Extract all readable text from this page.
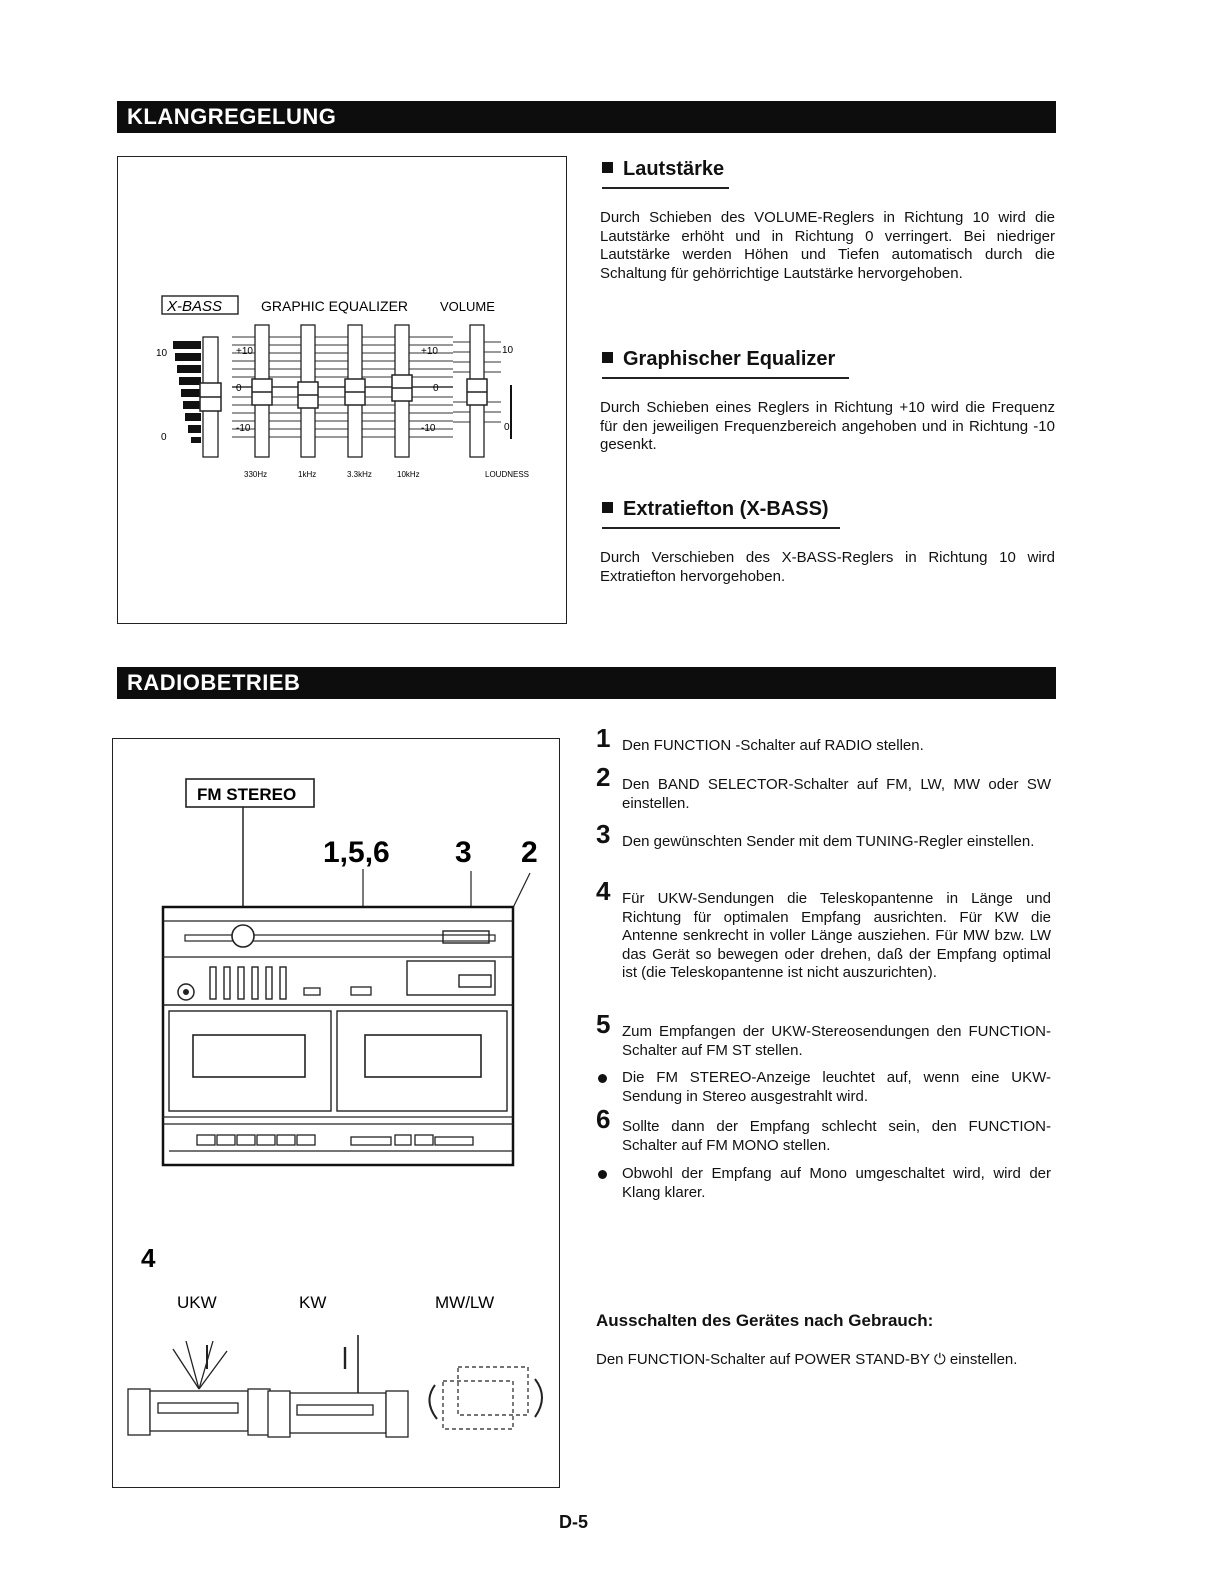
KLANGREGELUNG
X-BASS	GRAPHIC EQUALIZER VOLUME
10
0
+10
0
-10
+10
0
-10
10
0
330Hz	1kHz	3.3kHz	10kHz	LOUDNESS
Lautstärke
Durch Schieben des VOLUME-Reglers in Richtung 10 wird die Lautstärke erhöht und in Richtung 0 verringert. Bei niedriger Lautstärke werden Höhen und Tiefen automatisch durch die Schaltung für gehörrichtige Lautstärke hervorgehoben.
Graphischer Equalizer
Durch Schieben eines Reglers in Richtung +10 wird die Frequenz für den jeweiligen Frequenzbereich angehoben und in Richtung -10 gesenkt.
Extratiefton (X-BASS)
Durch Verschieben des X-BASS-Reglers in Richtung 10 wird Extratiefton hervorgehoben.
RADIOBETRIEB
FM STEREO
1,5,6 3 2
4
UKW	KW	MW/LW
1 Den FUNCTION -Schalter auf RADIO stellen.
2 Den BAND SELECTOR-Schalter auf FM, LW, MW oder SW einstellen.
3 Den gewünschten Sender mit dem TUNING-Regler einstellen.
4 Für UKW-Sendungen die Teleskopantenne in Länge und Richtung für optimalen Empfang ausrichten. Für KW die Antenne senkrecht in voller Länge ausziehen. Für MW bzw. LW das Gerät so bewegen oder drehen, daß der Empfang optimal ist (die Teleskopantenne ist nicht auszurichten).
5 Zum Empfangen der UKW-Stereosendungen den FUNCTION-Schalter auf FM ST stellen.
Die FM STEREO-Anzeige leuchtet auf, wenn eine UKW-Sendung in Stereo ausgestrahlt wird.
6 Sollte dann der Empfang schlecht sein, den FUNCTION-Schalter auf FM MONO stellen.
Obwohl der Empfang auf Mono umgeschaltet wird, wird der Klang klarer.
Ausschalten des Gerätes nach Gebrauch:
Den FUNCTION-Schalter auf POWER STAND-BY ⏻ einstellen.
D-5
